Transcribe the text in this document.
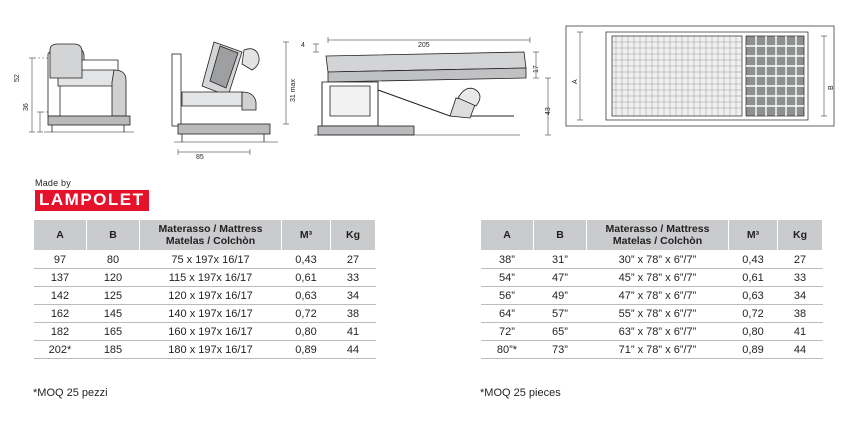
52
36
31 max
85
4	205
17
43
A
B
Made by
LAMPOLET
A	B	Materasso / Mattress
Matelas / Colchòn	M³	Kg
97	80	75 x 197x 16/17	0,43	27
137	120	115 x 197x 16/17	0,61	33
142	125	120 x 197x 16/17	0,63	34
162	145	140 x 197x 16/17	0,72	38
182	165	160 x 197x 16/17	0,80	41
202*	185	180 x 197x 16/17	0,89	44
*MOQ 25 pezzi
A	B	Materasso / Mattress
Matelas / Colchòn	M³	Kg
38”	31”	30” x 78” x 6”/7”	0,43	27
54”	47”	45” x 78” x 6”/7”	0,61	33
56”	49”	47” x 78” x 6”/7”	0,63	34
64”	57”	55” x 78” x 6”/7”	0,72	38
72”	65”	63” x 78” x 6”/7”	0,80	41
80”*	73”	71” x 78” x 6”/7”	0,89	44
*MOQ 25 pieces
